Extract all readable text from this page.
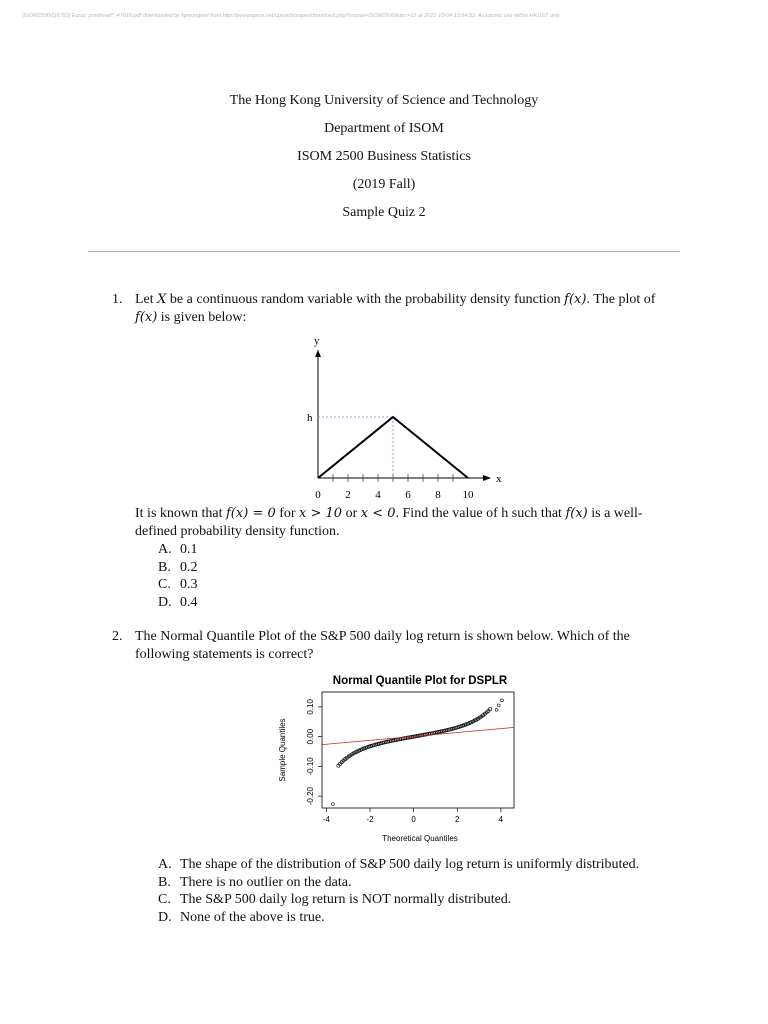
[ISOM2500(5)5793] Equiz: printhead*_47816.pdf downloaded by kpwungwid from http://peerpapers.net/uploads/paper/download.php?course=ISOM2500&doc=12 at 2021-10-04 13:54:52. Academic use within HKUST only.
The Hong Kong University of Science and Technology
Department of ISOM
ISOM 2500 Business Statistics
(2019 Fall)
Sample Quiz 2
1. Let X be a continuous random variable with the probability density function f(x). The plot of
f(x) is given below:
y
x
0 2 4 6 8 10
h
It is known that f(x) = 0 for x > 10 or x < 0. Find the value of h such that f(x) is a well-
defined probability density function.
A. 0.1
B. 0.2
C. 0.3
D. 0.4
2. The Normal Quantile Plot of the S&P 500 daily log return is shown below. Which of the
following statements is correct?
Normal Quantile Plot for DSPLR
-4	-2	0	2	4
-0.20
-0.10
0.00
0.10
Theoretical Quantiles
Sample Quantiles
A. The shape of the distribution of S&P 500 daily log return is uniformly distributed.
B. There is no outlier on the data.
C. The S&P 500 daily log return is NOT normally distributed.
D. None of the above is true.
